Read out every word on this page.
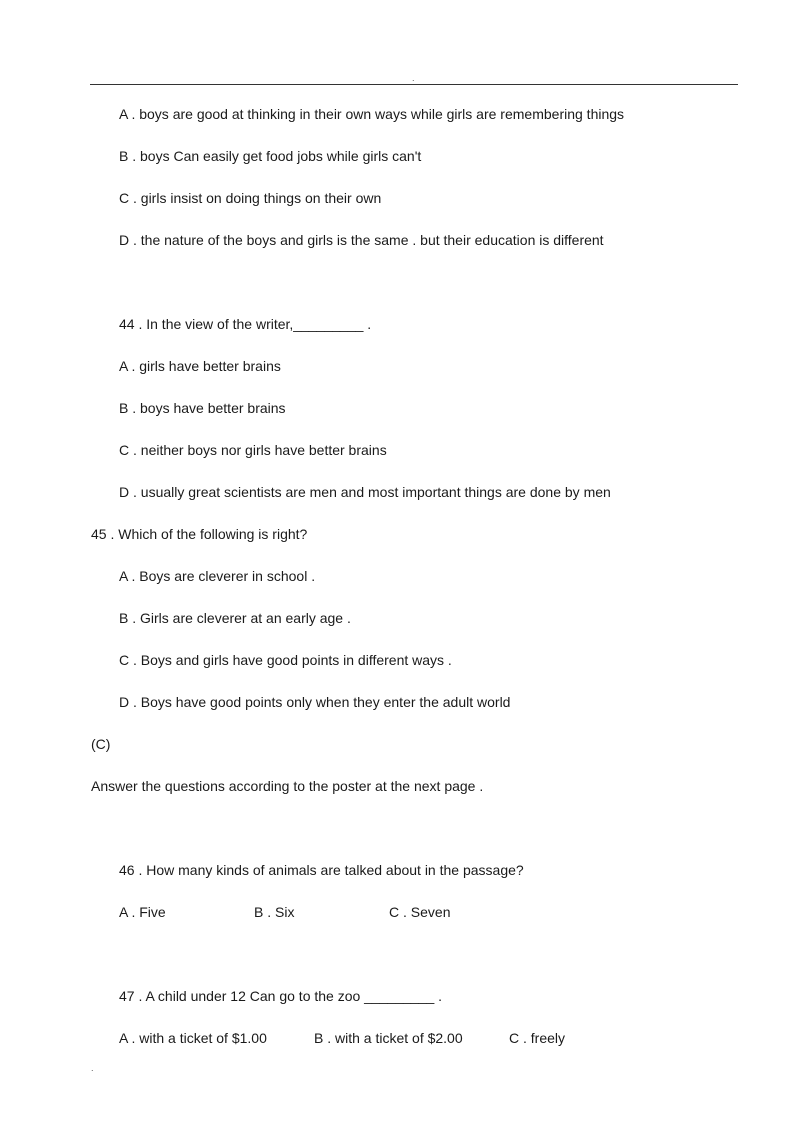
.
A . boys are good at thinking in their own ways while girls are remembering things
B . boys Can easily get food jobs while girls can't
C . girls insist on doing things on their own
D . the nature of the boys and girls is the same . but their education is different
44 . In the view of the writer,_________ .
A . girls have better brains
B . boys have better brains
C . neither boys nor girls have better brains
D . usually great scientists are men and most important things are done by men
45 . Which of the following is right?
A . Boys are cleverer in school .
B . Girls are cleverer at an early age .
C . Boys and girls have good points in different ways .
D . Boys have good points only when they enter the adult world
(C)
Answer the questions according to the poster at the next page .
46 . How many kinds of animals are talked about in the passage?
A . Five	B . Six	C . Seven
47 . A child under 12 Can go to the zoo _________ .
A . with a ticket of $1.00	B . with a ticket of $2.00	C . freely
.
